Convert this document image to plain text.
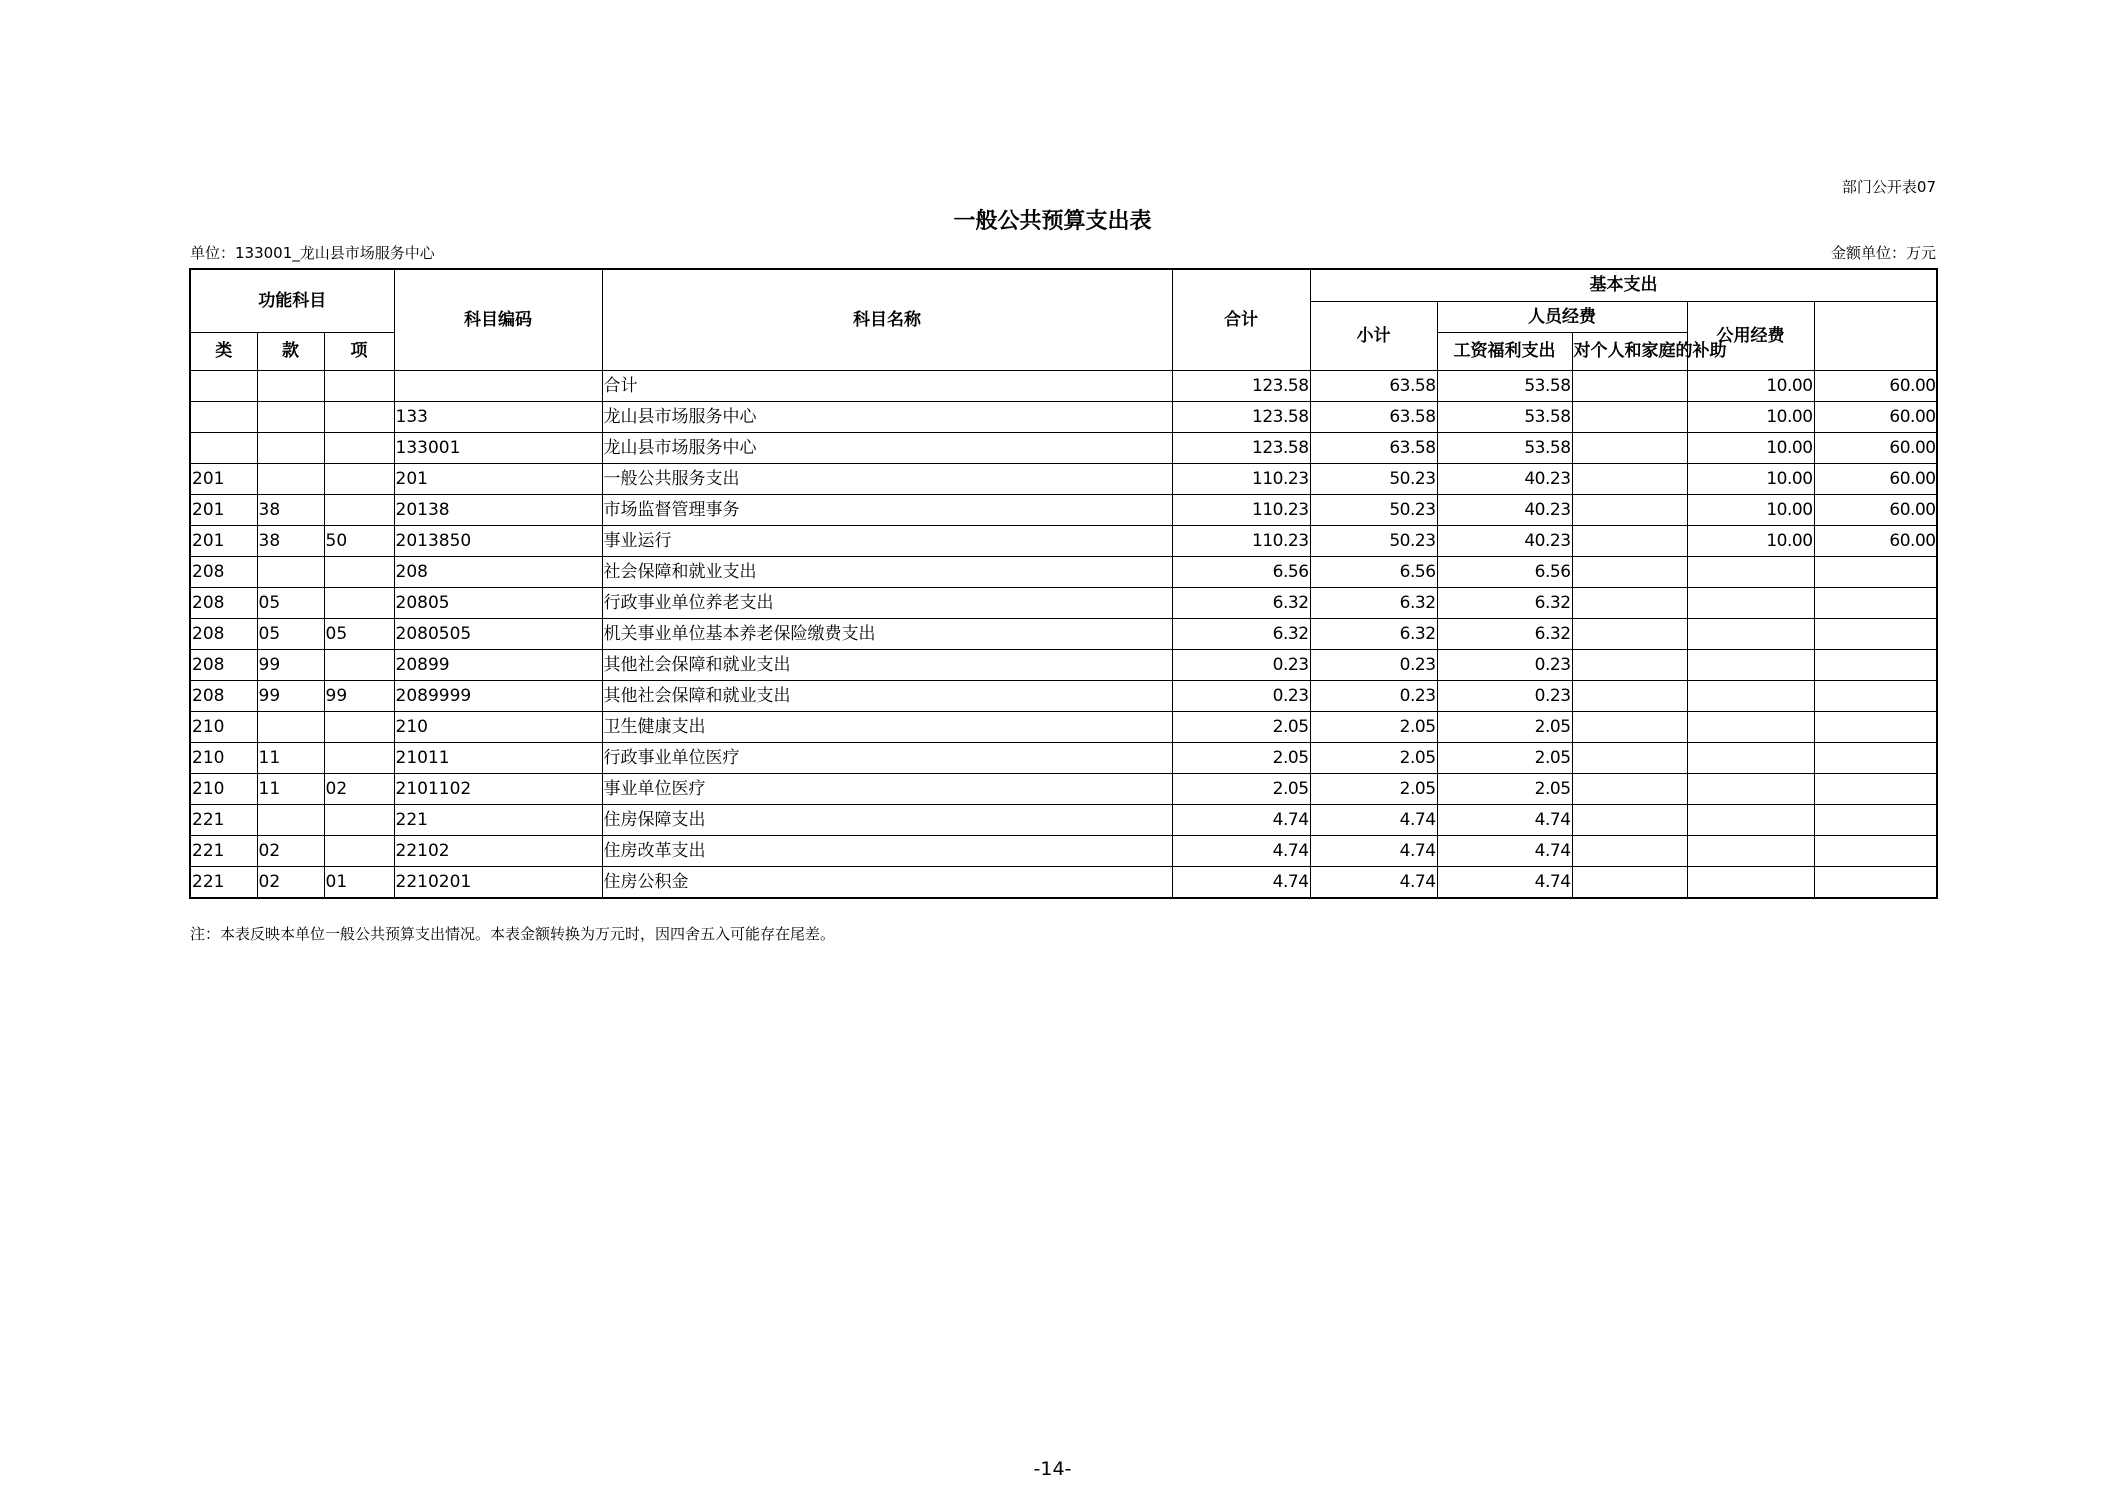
部门公开表07
一般公共预算支出表
单位：133001_龙山县市场服务中心	金额单位：万元
功能科目			科目编码	科目名称	合计	基本支出	
						小计	人员经费		公用经费		
类	款	项					工资福利支出	对个人和家庭的补助			
				合计	123.58	63.58	53.58		10.00	60.00	
			133	龙山县市场服务中心	123.58	63.58	53.58		10.00	60.00	
			133001	龙山县市场服务中心	123.58	63.58	53.58		10.00	60.00	
201			201	一般公共服务支出	110.23	50.23	40.23		10.00	60.00	
201	38		20138	市场监督管理事务	110.23	50.23	40.23		10.00	60.00	
201	38	50	2013850	事业运行	110.23	50.23	40.23		10.00	60.00	
208			208	社会保障和就业支出	6.56	6.56	6.56				
208	05		20805	行政事业单位养老支出	6.32	6.32	6.32				
208	05	05	2080505	机关事业单位基本养老保险缴费支出	6.32	6.32	6.32				
208	99		20899	其他社会保障和就业支出	0.23	0.23	0.23				
208	99	99	2089999	其他社会保障和就业支出	0.23	0.23	0.23				
210			210	卫生健康支出	2.05	2.05	2.05				
210	11		21011	行政事业单位医疗	2.05	2.05	2.05				
210	11	02	2101102	事业单位医疗	2.05	2.05	2.05				
221			221	住房保障支出	4.74	4.74	4.74				
221	02		22102	住房改革支出	4.74	4.74	4.74				
221	02	01	2210201	住房公积金	4.74	4.74	4.74				
注：本表反映本单位一般公共预算支出情况。本表金额转换为万元时，因四舍五入可能存在尾差。
-14-
